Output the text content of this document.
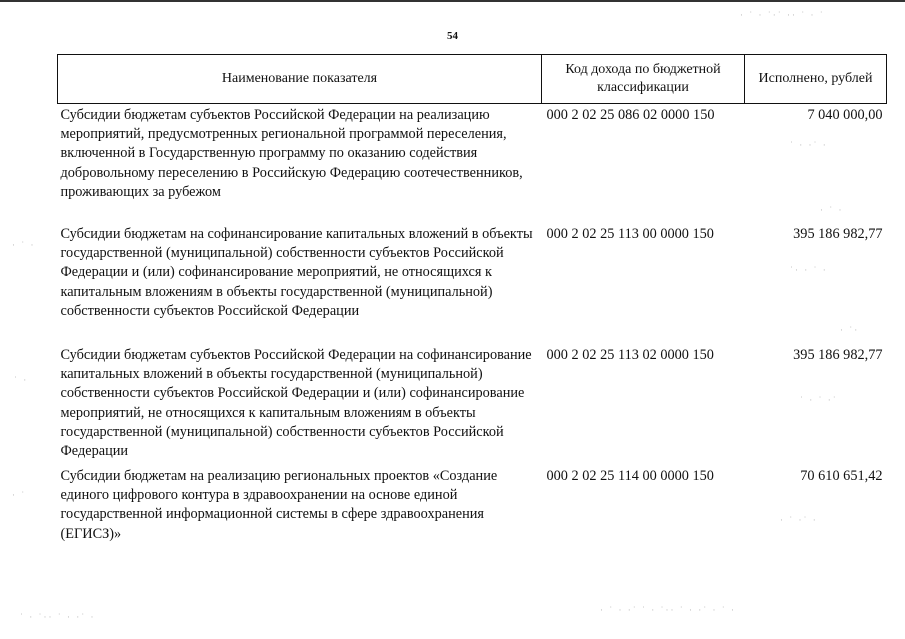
54
Наименование показателя	Код дохода по бюджетной классификации	Исполнено, рублей
Субсидии бюджетам субъектов Российской Федерации на реализацию мероприятий, предусмотренных региональной программой переселения, включенной в Государственную программу по оказанию содействия добровольному переселению в Российскую Федерацию соотечественников, проживающих за рубежом	000 2 02 25 086 02 0000 150	7 040 000,00
Субсидии бюджетам на софинансирование капитальных вложений в объекты государственной (муниципальной) собственности субъектов Российской Федерации и (или) софинансирование мероприятий, не относящихся к капитальным вложениям в объекты государственной (муниципальной) собственности субъектов Российской Федерации	000 2 02 25 113 00 0000 150	395 186 982,77
Субсидии бюджетам субъектов Российской Федерации на софинансирование капитальных вложений в объекты государственной (муниципальной) собственности субъектов Российской Федерации и (или) софинансирование мероприятий, не относящихся к капитальным вложениям в объекты государственной (муниципальной) собственности субъектов Российской Федерации	000 2 02 25 113 02 0000 150	395 186 982,77
Субсидии бюджетам на реализацию региональных проектов «Создание единого цифрового контура в здравоохранении на основе единой государственной информационной системы в сфере здравоохранения (ЕГИСЗ)»	000 2 02 25 114 00 0000 150	70 610 651,42
· ˙ · ˙·˙ ·· ˙ · ˙
˙ · ·˙ ·
· ˙ ·
˙· · ˙ ·
· ˙·
˙ · ˙ ·˙
· ˙ ·˙ ·
· ˙ ·
˙ ·
· ˙
˙ · ˙·· ˙ · ·˙ ·
· ˙ · ·˙ ˙ · ˙·· ˙ · ·˙ · ˙ ·
